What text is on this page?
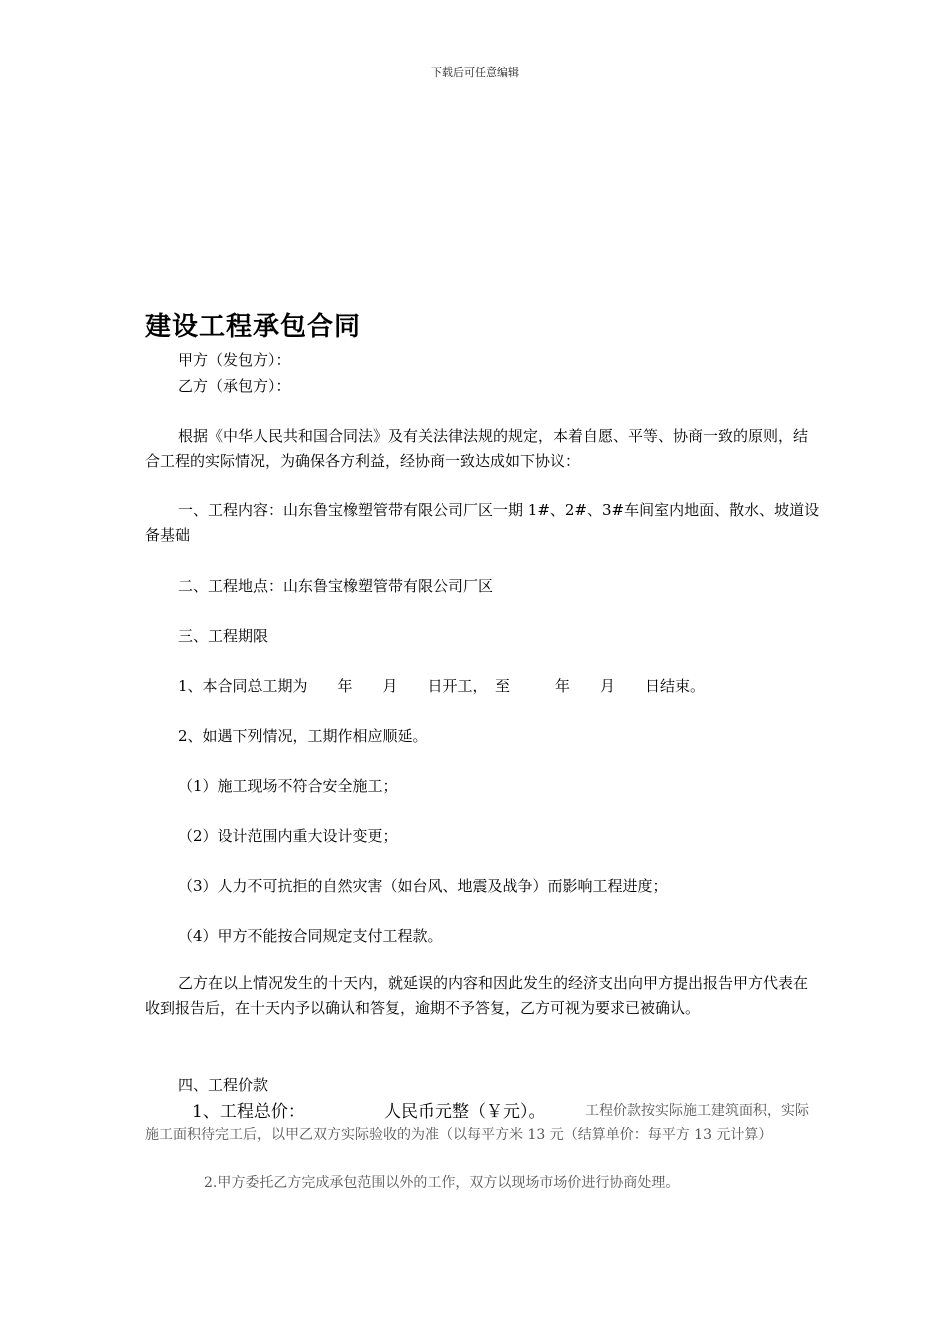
下载后可任意编辑
建设工程承包合同
甲方（发包方）：
乙方（承包方）：
根据《中华人民共和国合同法》及有关法律法规的规定，本着自愿、平等、协商一致的原则，结合工程的实际情况，为确保各方利益，经协商一致达成如下协议：
一、工程内容：山东鲁宝橡塑管带有限公司厂区一期 1#、2#、3#车间室内地面、散水、坡道设备基础
二、工程地点：山东鲁宝橡塑管带有限公司厂区
三、工程期限
1、本合同总工期为　　年　　月　　日开工，　至　　　年　　月　　日结束。
2、如遇下列情况，工期作相应顺延。
（1）施工现场不符合安全施工；
（2）设计范围内重大设计变更；
（3）人力不可抗拒的自然灾害（如台风、地震及战争）而影响工程进度；
（4）甲方不能按合同规定支付工程款。
乙方在以上情况发生的十天内，就延误的内容和因此发生的经济支出向甲方提出报告甲方代表在收到报告后，在十天内予以确认和答复，逾期不予答复，乙方可视为要求已被确认。
四、工程价款
1、工程总价：	人民币元整（￥元）。	工程价款按实际施工建筑面积，实际施工面积待完工后，以甲乙双方实际验收的为准（以每平方米 13 元（结算单价：每平方 13 元计算）
2.甲方委托乙方完成承包范围以外的工作，双方以现场市场价进行协商处理。
